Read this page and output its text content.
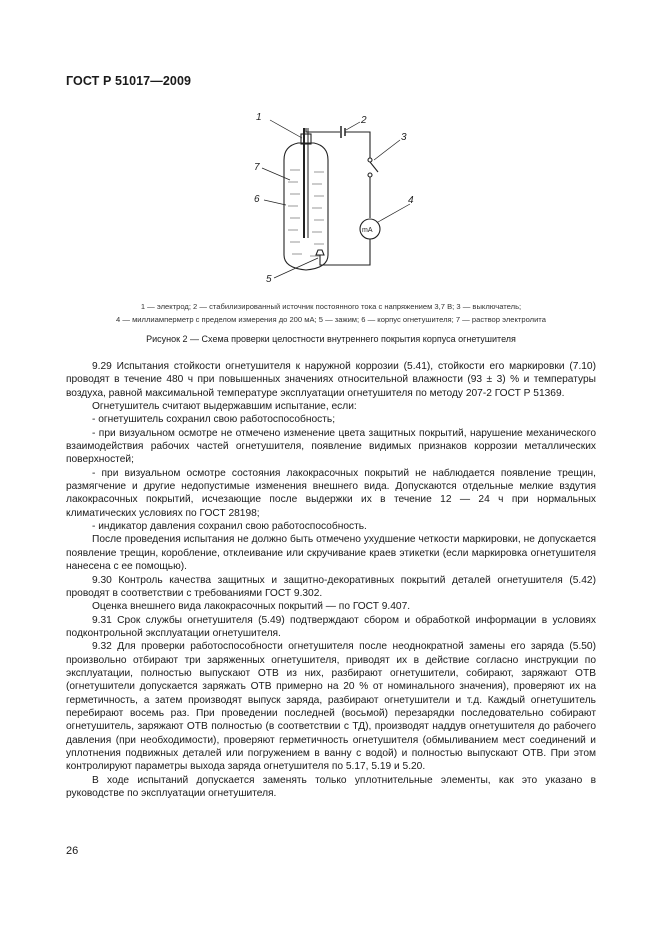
ГОСТ Р 51017—2009
1	2
3
4
5
6
7
mA
1 — электрод; 2 — стабилизированный источник постоянного тока с напряжением 3,7 В; 3 — выключатель;
4 — миллиамперметр с пределом измерения до 200 мА; 5 — зажим; 6 — корпус огнетушителя; 7 — раствор электролита
Рисунок 2 — Схема проверки целостности внутреннего покрытия корпуса огнетушителя

9.29 Испытания стойкости огнетушителя к наружной коррозии (5.41), стойкости его маркировки (7.10) проводят в течение 480 ч при повышенных значениях относительной влажности (93 ± 3) % и температуры воздуха, равной максимальной температуре эксплуатации огнетушителя по методу 207-2 ГОСТ Р 51369.

Огнетушитель считают выдержавшим испытание, если:

- огнетушитель сохранил свою работоспособность;

- при визуальном осмотре не отмечено изменение цвета защитных покрытий, нарушение механического взаимодействия рабочих частей огнетушителя, появление видимых признаков коррозии металлических поверхностей;

- при визуальном осмотре состояния лакокрасочных покрытий не наблюдается появление трещин, размягчение и другие недопустимые изменения внешнего вида. Допускаются отдельные мелкие вздутия лакокрасочных покрытий, исчезающие после выдержки их в течение 12 — 24 ч при нормальных климатических условиях по ГОСТ 28198;

- индикатор давления сохранил свою работоспособность.

После проведения испытания не должно быть отмечено ухудшение четкости маркировки, не допускается появление трещин, коробление, отклеивание или скручивание краев этикетки (если маркировка огнетушителя нанесена с ее помощью).

9.30 Контроль качества защитных и защитно-декоративных покрытий деталей огнетушителя (5.42) проводят в соответствии с требованиями ГОСТ 9.302.

Оценка внешнего вида лакокрасочных покрытий — по ГОСТ 9.407.

9.31 Срок службы огнетушителя (5.49) подтверждают сбором и обработкой информации в условиях подконтрольной эксплуатации огнетушителя.

9.32 Для проверки работоспособности огнетушителя после неоднократной замены его заряда (5.50) произвольно отбирают три заряженных огнетушителя, приводят их в действие согласно инструкции по эксплуатации, полностью выпускают ОТВ из них, разбирают огнетушители, собирают, заряжают ОТВ (огнетушители допускается заряжать ОТВ примерно на 20 % от номинального значения), проверяют их на герметичность, а затем производят выпуск заряда, разбирают огнетушители и т.д. Каждый огнетушитель перебирают восемь раз. При проведении последней (восьмой) перезарядки последовательно собирают огнетушитель, заряжают ОТВ полностью (в соответствии с ТД), производят наддув огнетушителя до рабочего давления (при необходимости), проверяют герметичность огнетушителя (обмыливанием мест соединений и уплотнения подвижных деталей или погружением в ванну с водой) и полностью выпускают ОТВ. При этом контролируют параметры выхода заряда огнетушителя по 5.17, 5.19 и 5.20.

В ходе испытаний допускается заменять только уплотнительные элементы, как это указано в руководстве по эксплуатации огнетушителя.

26
